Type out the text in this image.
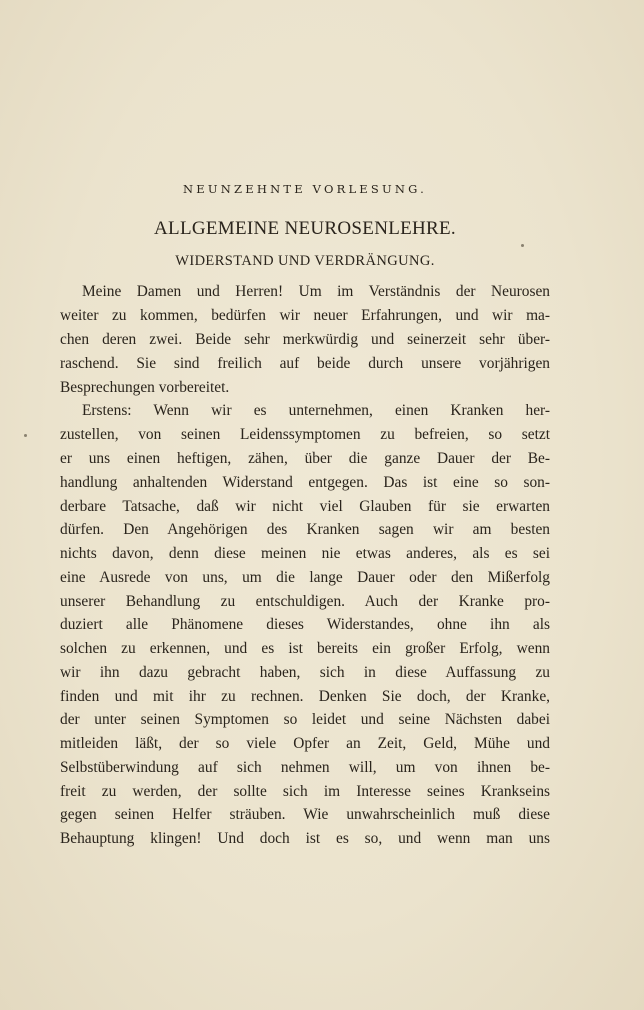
NEUNZEHNTE VORLESUNG.
ALLGEMEINE NEUROSENLEHRE.
WIDERSTAND UND VERDRÄNGUNG.
Meine Damen und Herren! Um im Verständnis der Neurosen
weiter zu kommen, bedürfen wir neuer Erfahrungen, und wir ma-
chen deren zwei. Beide sehr merkwürdig und seinerzeit sehr über-
raschend. Sie sind freilich auf beide durch unsere vorjährigen
Besprechungen vorbereitet.
Erstens: Wenn wir es unternehmen, einen Kranken her-
zustellen, von seinen Leidenssymptomen zu befreien, so setzt
er uns einen heftigen, zähen, über die ganze Dauer der Be-
handlung anhaltenden Widerstand entgegen. Das ist eine so son-
derbare Tatsache, daß wir nicht viel Glauben für sie erwarten
dürfen. Den Angehörigen des Kranken sagen wir am besten
nichts davon, denn diese meinen nie etwas anderes, als es sei
eine Ausrede von uns, um die lange Dauer oder den Mißerfolg
unserer Behandlung zu entschuldigen. Auch der Kranke pro-
duziert alle Phänomene dieses Widerstandes, ohne ihn als
solchen zu erkennen, und es ist bereits ein großer Erfolg, wenn
wir ihn dazu gebracht haben, sich in diese Auffassung zu
finden und mit ihr zu rechnen. Denken Sie doch, der Kranke,
der unter seinen Symptomen so leidet und seine Nächsten dabei
mitleiden läßt, der so viele Opfer an Zeit, Geld, Mühe und
Selbstüberwindung auf sich nehmen will, um von ihnen be-
freit zu werden, der sollte sich im Interesse seines Krankseins
gegen seinen Helfer sträuben. Wie unwahrscheinlich muß diese
Behauptung klingen! Und doch ist es so, und wenn man uns
